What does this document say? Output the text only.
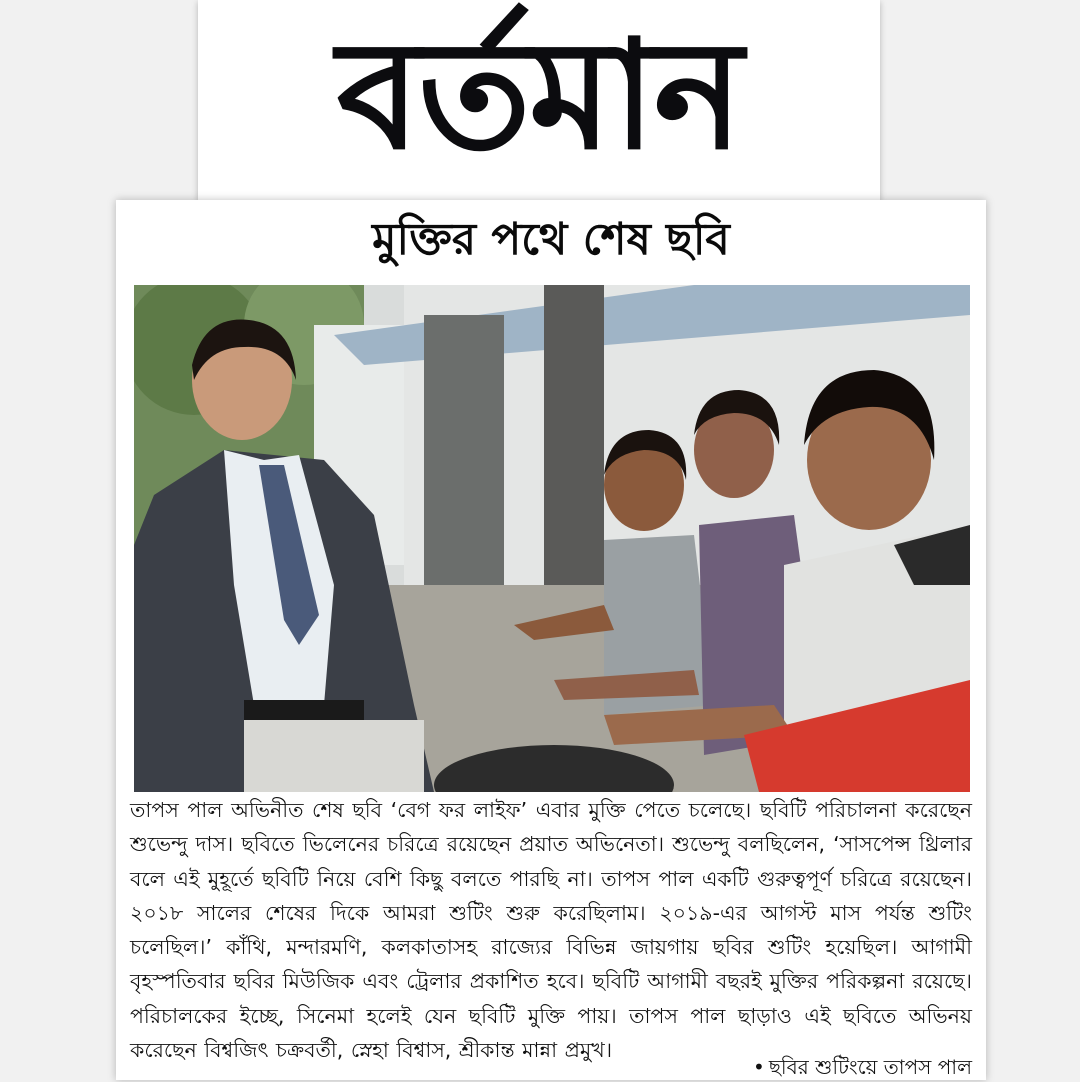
বর্তমান
মুক্তির পথে শেষ ছবি
তাপস পাল অভিনীত শেষ ছবি ‘বেগ ফর লাইফ’ এবার মুক্তি পেতে চলেছে। ছবিটি পরিচালনা করেছেন শুভেন্দু দাস। ছবিতে ভিলেনের চরিত্রে রয়েছেন প্রয়াত অভিনেতা। শুভেন্দু বলছিলেন, ‘সাসপেন্স থ্রিলার বলে এই মুহূর্তে ছবিটি নিয়ে বেশি কিছু বলতে পারছি না। তাপস পাল একটি গুরুত্বপূর্ণ চরিত্রে রয়েছেন। ২০১৮ সালের শেষের দিকে আমরা শুটিং শুরু করেছিলাম। ২০১৯-এর আগস্ট মাস পর্যন্ত শুটিং চলেছিল।’ কাঁথি, মন্দারমণি, কলকাতাসহ রাজ্যের বিভিন্ন জায়গায় ছবির শুটিং হয়েছিল। আগামী বৃহস্পতিবার ছবির মিউজিক এবং ট্রেলার প্রকাশিত হবে। ছবিটি আগামী বছরই মুক্তির পরিকল্পনা রয়েছে। পরিচালকের ইচ্ছে, সিনেমা হলেই যেন ছবিটি মুক্তি পায়। তাপস পাল ছাড়াও এই ছবিতে অভিনয় করেছেন বিশ্বজিৎ চক্রবর্তী, স্নেহা বিশ্বাস, শ্রীকান্ত মান্না প্রমুখ।
• ছবির শুটিংয়ে তাপস পাল
